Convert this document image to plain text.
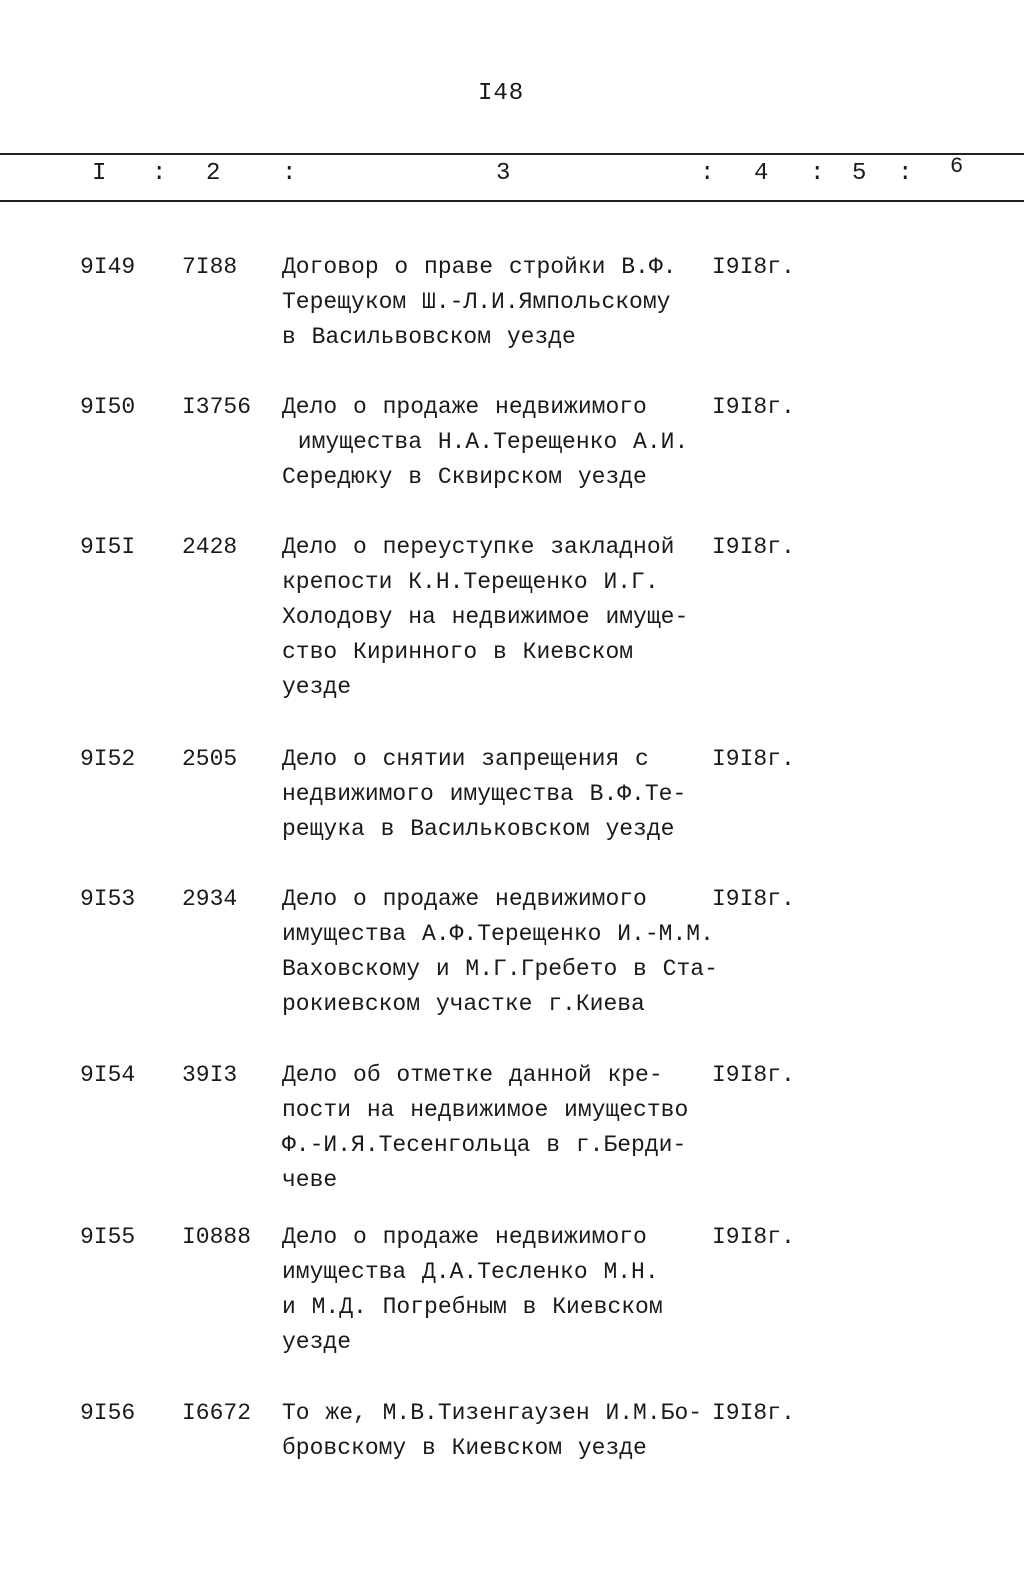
I48
I : 2	:	3	: 4 : 5 : 6
9I49 7I88 Договор о праве стройки В.Ф.
Терещуком Ш.-Л.И.Ямпольскому
в Васильвовском уезде
I9I8г.
9I50 I3756 Дело о продаже недвижимого
имущества Н.А.Терещенко А.И.
Середюку в Сквирском уезде
I9I8г.
9I5I 2428 Дело о переуступке закладной
крепости К.Н.Терещенко И.Г.
Холодову на недвижимое имуще-
ство Киринного в Киевском
уезде
I9I8г.
9I52 2505 Дело о снятии запрещения с
недвижимого имущества В.Ф.Те-
рещука в Васильковском уезде
I9I8г.
9I53 2934 Дело о продаже недвижимого
имущества А.Ф.Терещенко И.-М.М.
Ваховскому и М.Г.Гребето в Ста-
рокиевском участке г.Киева
I9I8г.
9I54 39I3 Дело об отметке данной кре-
пости на недвижимое имущество
Ф.-И.Я.Тесенгольца в г.Берди-
чеве
I9I8г.
9I55 I0888 Дело о продаже недвижимого
имущества Д.А.Тесленко М.Н.
и М.Д. Погребным в Киевском
уезде
I9I8г.
9I56 I6672 То же, М.В.Тизенгаузен И.М.Бо-
бровскому в Киевском уезде
I9I8г.
